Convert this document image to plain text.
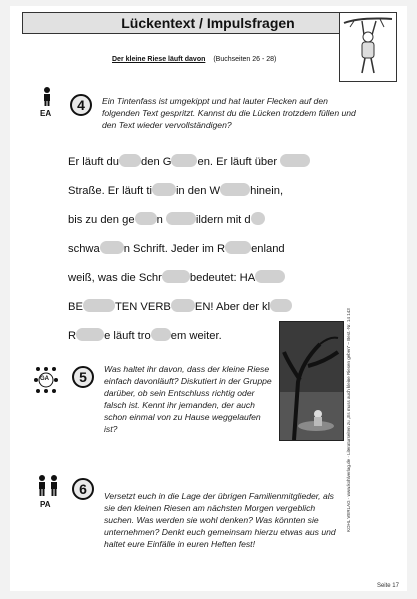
Lückentext / Impulsfragen
Der kleine Riese läuft davon (Buchseiten 26 - 28)
EA
4	Ein Tintenfass ist umgekippt und hat lauter Flecken auf den folgenden Text gespritzt. Kannst du die Lücken trotzdem füllen und den Text wieder vervollständigen?

Er läuft du den G en. Er läuft über

Straße. Er läuft ti in den W	hinein,

bis zu den ge n	ildern mit d

schwa n Schrift. Jeder im R enland

weiß, was die Schr	bedeutet: HA

BE	TEN VERB EN! Aber der kl

R	e läuft tro em weiter.

GA	5	Was haltet ihr davon, dass der kleine Riese einfach davonläuft? Diskutiert in der Gruppe darüber, ob sein Entschluss richtig oder falsch ist. Kennt ihr jemanden, der auch schon einmal von zu Hause weggelaufen ist?
PA
6	Versetzt euch in die Lage der übrigen Familienmitglieder, als sie den kleinen Riesen am nächsten Morgen vergeblich suchen. Was werden sie wohl denken? Was könnten sie unternehmen? Denkt euch gemeinsam hierzu etwas aus und haltet eure Einfälle in euren Heften fest!
KOHL VERLAG · www.kohlverlag.de · Literaturseiten zu „Es muss auch kleine Riesen geben“Best.-Nr. 14 143
Seite 17
